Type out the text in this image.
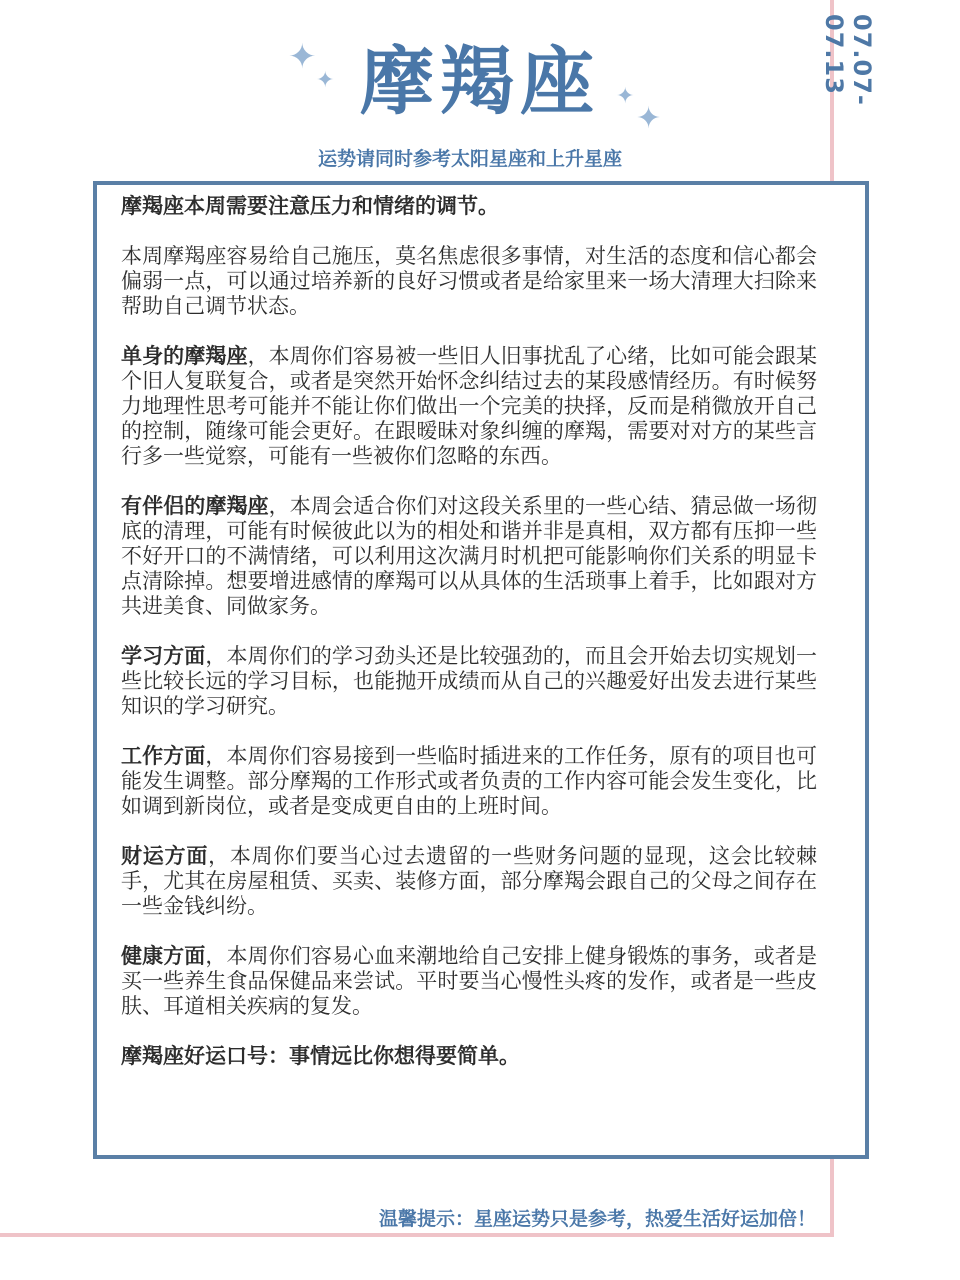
07.07-07.13
✦
✦
✦
✦
摩羯座
运势请同时参考太阳星座和上升星座

摩羯座本周需要注意压力和情绪的调节。

本周摩羯座容易给自己施压，莫名焦虑很多事情，对生活的态度和信心都会偏弱一点，可以通过培养新的良好习惯或者是给家里来一场大清理大扫除来帮助自己调节状态。

单身的摩羯座，本周你们容易被一些旧人旧事扰乱了心绪，比如可能会跟某个旧人复联复合，或者是突然开始怀念纠结过去的某段感情经历。有时候努力地理性思考可能并不能让你们做出一个完美的抉择，反而是稍微放开自己的控制，随缘可能会更好。在跟暧昧对象纠缠的摩羯，需要对对方的某些言行多一些觉察，可能有一些被你们忽略的东西。

有伴侣的摩羯座，本周会适合你们对这段关系里的一些心结、猜忌做一场彻底的清理，可能有时候彼此以为的相处和谐并非是真相，双方都有压抑一些不好开口的不满情绪，可以利用这次满月时机把可能影响你们关系的明显卡点清除掉。想要增进感情的摩羯可以从具体的生活琐事上着手，比如跟对方共进美食、同做家务。

学习方面，本周你们的学习劲头还是比较强劲的，而且会开始去切实规划一些比较长远的学习目标，也能抛开成绩而从自己的兴趣爱好出发去进行某些知识的学习研究。

工作方面，本周你们容易接到一些临时插进来的工作任务，原有的项目也可能发生调整。部分摩羯的工作形式或者负责的工作内容可能会发生变化，比如调到新岗位，或者是变成更自由的上班时间。

财运方面，本周你们要当心过去遗留的一些财务问题的显现，这会比较棘手，尤其在房屋租赁、买卖、装修方面，部分摩羯会跟自己的父母之间存在一些金钱纠纷。

健康方面，本周你们容易心血来潮地给自己安排上健身锻炼的事务，或者是买一些养生食品保健品来尝试。平时要当心慢性头疼的发作，或者是一些皮肤、耳道相关疾病的复发。

摩羯座好运口号：事情远比你想得要简单。

温馨提示：星座运势只是参考，热爱生活好运加倍！
